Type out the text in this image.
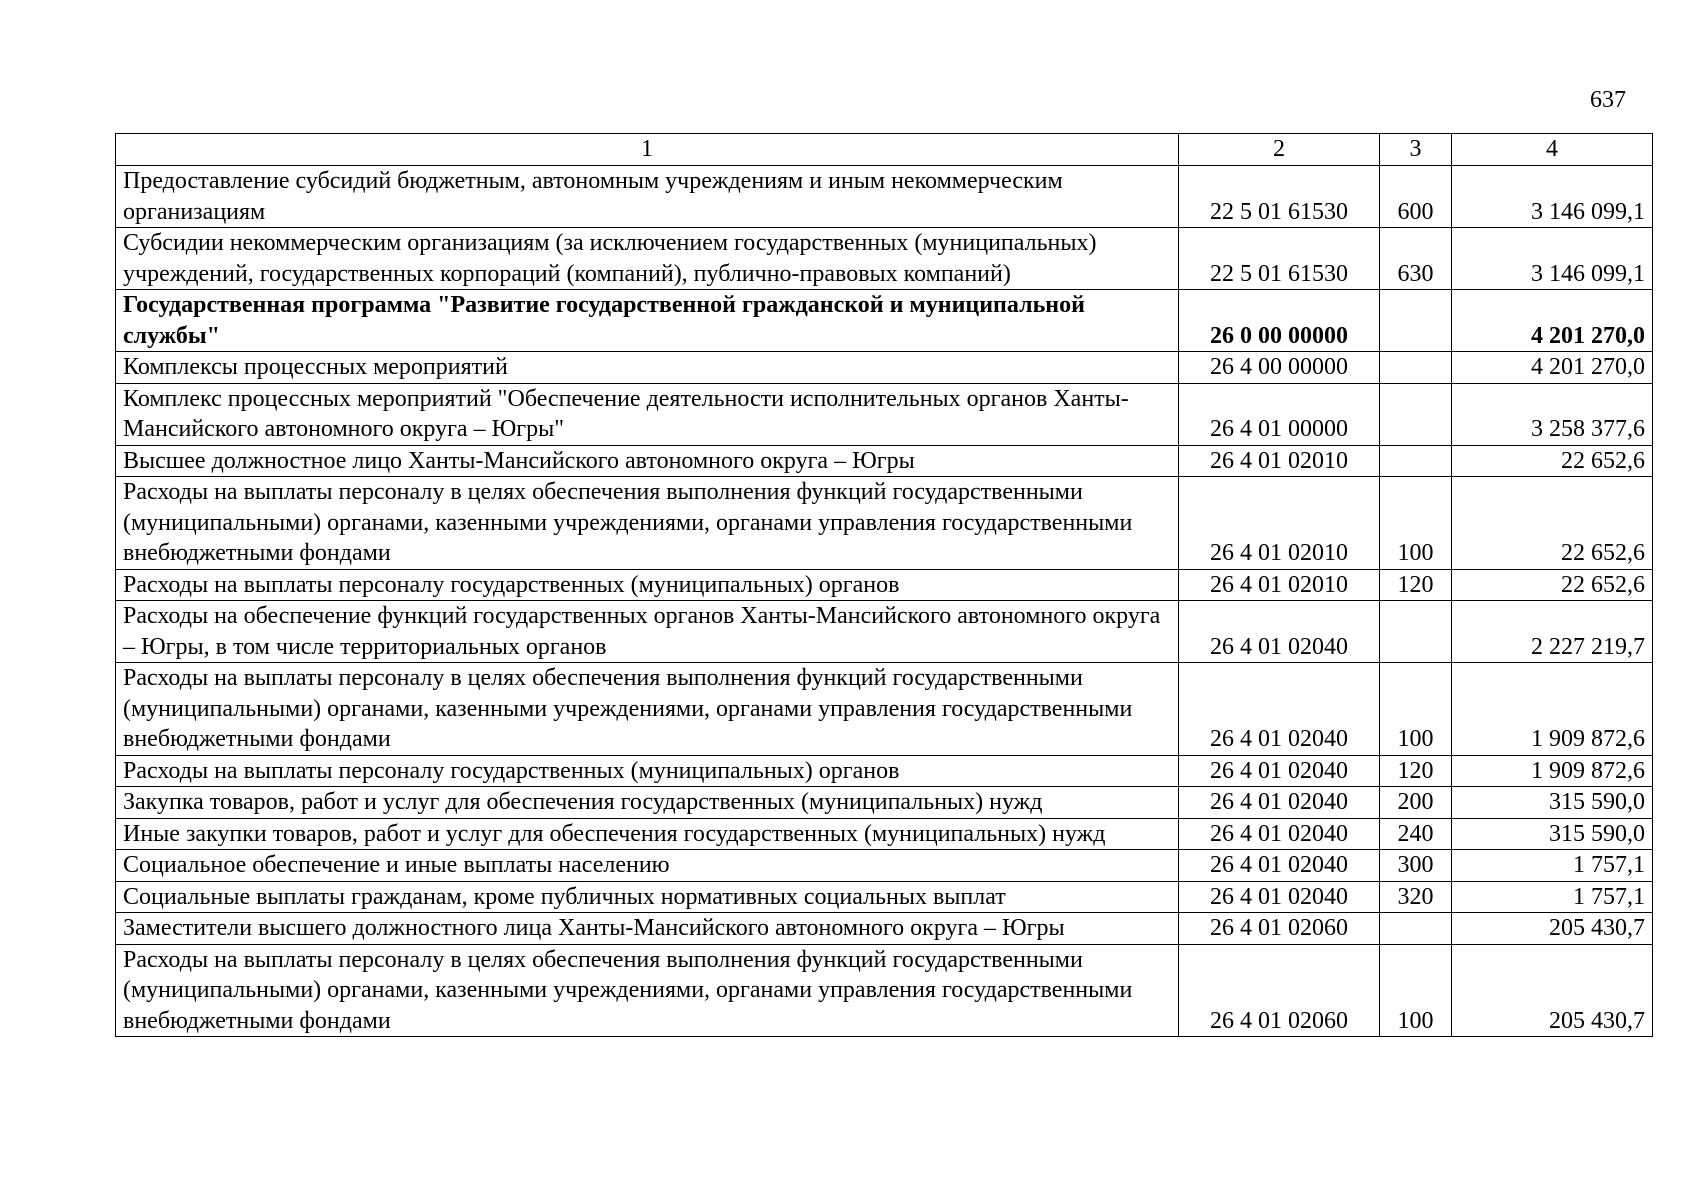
637
1	2	3	4
Предоставление субсидий бюджетным, автономным учреждениям и иным некоммерческим организациям	22 5 01 61530	600	3 146 099,1
Субсидии некоммерческим организациям (за исключением государственных (муниципальных) учреждений, государственных корпораций (компаний), публично-правовых компаний)	22 5 01 61530	630	3 146 099,1
Государственная программа "Развитие государственной гражданской и муниципальной службы"	26 0 00 00000		4 201 270,0
Комплексы процессных мероприятий	26 4 00 00000		4 201 270,0
Комплекс процессных мероприятий "Обеспечение деятельности исполнительных органов Ханты-Мансийского автономного округа – Югры"	26 4 01 00000		3 258 377,6
Высшее должностное лицо Ханты-Мансийского автономного округа – Югры	26 4 01 02010		22 652,6
Расходы на выплаты персоналу в целях обеспечения выполнения функций государственными (муниципальными) органами, казенными учреждениями, органами управления государственными внебюджетными фондами	26 4 01 02010	100	22 652,6
Расходы на выплаты персоналу государственных (муниципальных) органов	26 4 01 02010	120	22 652,6
Расходы на обеспечение функций государственных органов Ханты-Мансийского автономного округа – Югры, в том числе территориальных органов	26 4 01 02040		2 227 219,7
Расходы на выплаты персоналу в целях обеспечения выполнения функций государственными (муниципальными) органами, казенными учреждениями, органами управления государственными внебюджетными фондами	26 4 01 02040	100	1 909 872,6
Расходы на выплаты персоналу государственных (муниципальных) органов	26 4 01 02040	120	1 909 872,6
Закупка товаров, работ и услуг для обеспечения государственных (муниципальных) нужд	26 4 01 02040	200	315 590,0
Иные закупки товаров, работ и услуг для обеспечения государственных (муниципальных) нужд	26 4 01 02040	240	315 590,0
Социальное обеспечение и иные выплаты населению	26 4 01 02040	300	1 757,1
Социальные выплаты гражданам, кроме публичных нормативных социальных выплат	26 4 01 02040	320	1 757,1
Заместители высшего должностного лица Ханты-Мансийского автономного округа – Югры	26 4 01 02060		205 430,7
Расходы на выплаты персоналу в целях обеспечения выполнения функций государственными (муниципальными) органами, казенными учреждениями, органами управления государственными внебюджетными фондами	26 4 01 02060	100	205 430,7
